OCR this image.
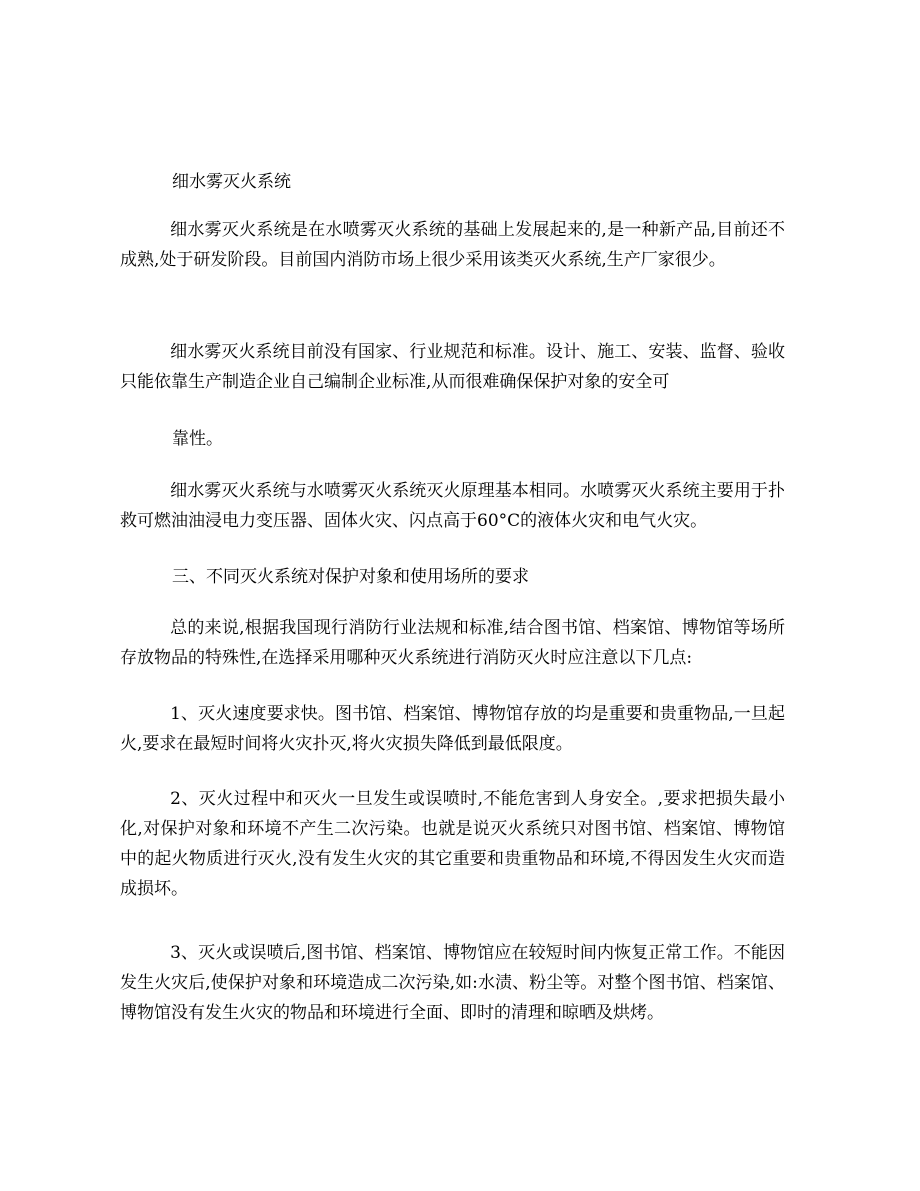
细水雾灭火系统
细水雾灭火系统是在水喷雾灭火系统的基础上发展起来的,是一种新产品,目前还不成熟,处于研发阶段。目前国内消防市场上很少采用该类灭火系统,生产厂家很少。
细水雾灭火系统目前没有国家、行业规范和标准。设计、施工、安装、监督、验收只能依靠生产制造企业自己编制企业标准,从而很难确保保护对象的安全可
靠性。
细水雾灭火系统与水喷雾灭火系统灭火原理基本相同。水喷雾灭火系统主要用于扑救可燃油油浸电力变压器、固体火灾、闪点高于60°C的液体火灾和电气火灾。
三、不同灭火系统对保护对象和使用场所的要求
总的来说,根据我国现行消防行业法规和标准,结合图书馆、档案馆、博物馆等场所存放物品的特殊性,在选择采用哪种灭火系统进行消防灭火时应注意以下几点:
1、灭火速度要求快。图书馆、档案馆、博物馆存放的均是重要和贵重物品,一旦起火,要求在最短时间将火灾扑灭,将火灾损失降低到最低限度。
2、灭火过程中和灭火一旦发生或误喷时,不能危害到人身安全。,要求把损失最小化,对保护对象和环境不产生二次污染。也就是说灭火系统只对图书馆、档案馆、博物馆中的起火物质进行灭火,没有发生火灾的其它重要和贵重物品和环境,不得因发生火灾而造成损坏。
3、灭火或误喷后,图书馆、档案馆、博物馆应在较短时间内恢复正常工作。不能因发生火灾后,使保护对象和环境造成二次污染,如:水渍、粉尘等。对整个图书馆、档案馆、博物馆没有发生火灾的物品和环境进行全面、即时的清理和晾晒及烘烤。
